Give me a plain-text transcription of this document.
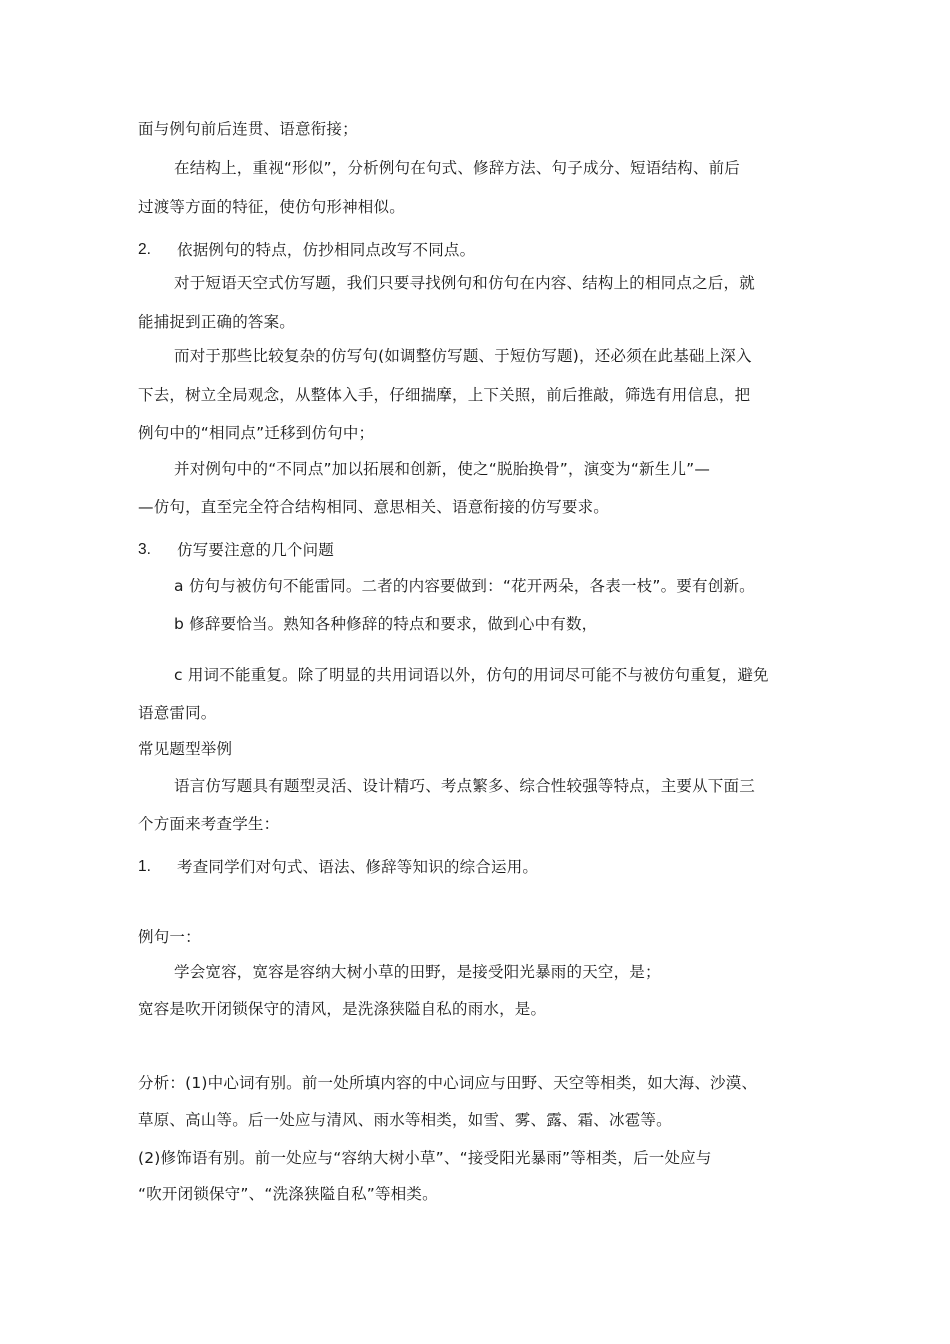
面与例句前后连贯、语意衔接；
在结构上，重视“形似”，分析例句在句式、修辞方法、句子成分、短语结构、前后
过渡等方面的特征，使仿句形神相似。
2. 依据例句的特点，仿抄相同点改写不同点。
对于短语天空式仿写题，我们只要寻找例句和仿句在内容、结构上的相同点之后，就
能捕捉到正确的答案。
而对于那些比较复杂的仿写句(如调整仿写题、于短仿写题)，还必须在此基础上深入
下去，树立全局观念，从整体入手，仔细揣摩，上下关照，前后推敲，筛选有用信息，把
例句中的“相同点”迁移到仿句中；
并对例句中的“不同点”加以拓展和创新，使之“脱胎换骨”，演变为“新生儿”—
—仿句，直至完全符合结构相同、意思相关、语意衔接的仿写要求。
3. 仿写要注意的几个问题
a 仿句与被仿句不能雷同。二者的内容要做到：“花开两朵，各表一枝”。要有创新。
b 修辞要恰当。熟知各种修辞的特点和要求，做到心中有数，
c 用词不能重复。除了明显的共用词语以外，仿句的用词尽可能不与被仿句重复，避免
语意雷同。
常见题型举例
语言仿写题具有题型灵活、设计精巧、考点繁多、综合性较强等特点，主要从下面三
个方面来考查学生：
1. 考查同学们对句式、语法、修辞等知识的综合运用。
例句一：
学会宽容，宽容是容纳大树小草的田野，是接受阳光暴雨的天空，是；
宽容是吹开闭锁保守的清风，是洗涤狭隘自私的雨水，是。
分析：(1)中心词有别。前一处所填内容的中心词应与田野、天空等相类，如大海、沙漠、
草原、高山等。后一处应与清风、雨水等相类，如雪、雾、露、霜、冰雹等。
(2)修饰语有别。前一处应与“容纳大树小草”、“接受阳光暴雨”等相类，后一处应与
“吹开闭锁保守”、“洗涤狭隘自私”等相类。
